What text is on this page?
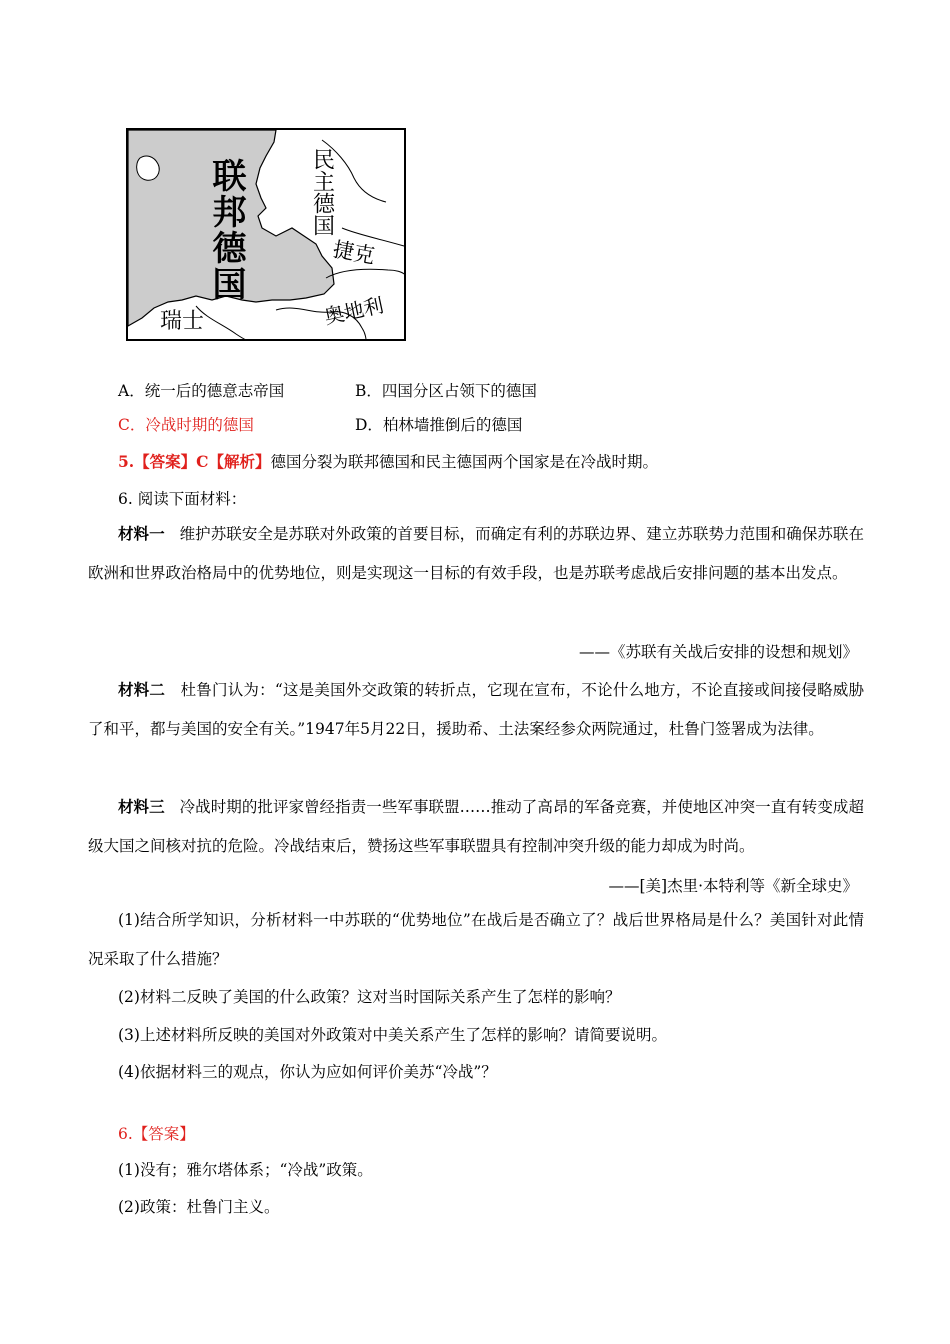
联邦德国	民主德国
捷克
瑞士	奥地利
A．统一后的德意志帝国	B．四国分区占领下的德国
C．冷战时期的德国	D．柏林墙推倒后的德国
5.【答案】C【解析】德国分裂为联邦德国和民主德国两个国家是在冷战时期。
6. 阅读下面材料：
材料一 维护苏联安全是苏联对外政策的首要目标，而确定有利的苏联边界、建立苏联势力范围和确保苏联在欧洲和世界政治格局中的优势地位，则是实现这一目标的有效手段，也是苏联考虑战后安排问题的基本出发点。
——《苏联有关战后安排的设想和规划》
材料二 杜鲁门认为：“这是美国外交政策的转折点，它现在宣布，不论什么地方，不论直接或间接侵略威胁了和平，都与美国的安全有关。”1947年5月22日，援助希、土法案经参众两院通过，杜鲁门签署成为法律。
材料三 冷战时期的批评家曾经指责一些军事联盟……推动了高昂的军备竞赛，并使地区冲突一直有转变成超级大国之间核对抗的危险。冷战结束后，赞扬这些军事联盟具有控制冲突升级的能力却成为时尚。
——[美]杰里·本特利等《新全球史》
(1)结合所学知识，分析材料一中苏联的“优势地位”在战后是否确立了？战后世界格局是什么？美国针对此情况采取了什么措施？
(2)材料二反映了美国的什么政策？这对当时国际关系产生了怎样的影响？
(3)上述材料所反映的美国对外政策对中美关系产生了怎样的影响？请简要说明。
(4)依据材料三的观点，你认为应如何评价美苏“冷战”？
6.【答案】
(1)没有；雅尔塔体系；“冷战”政策。
(2)政策：杜鲁门主义。
